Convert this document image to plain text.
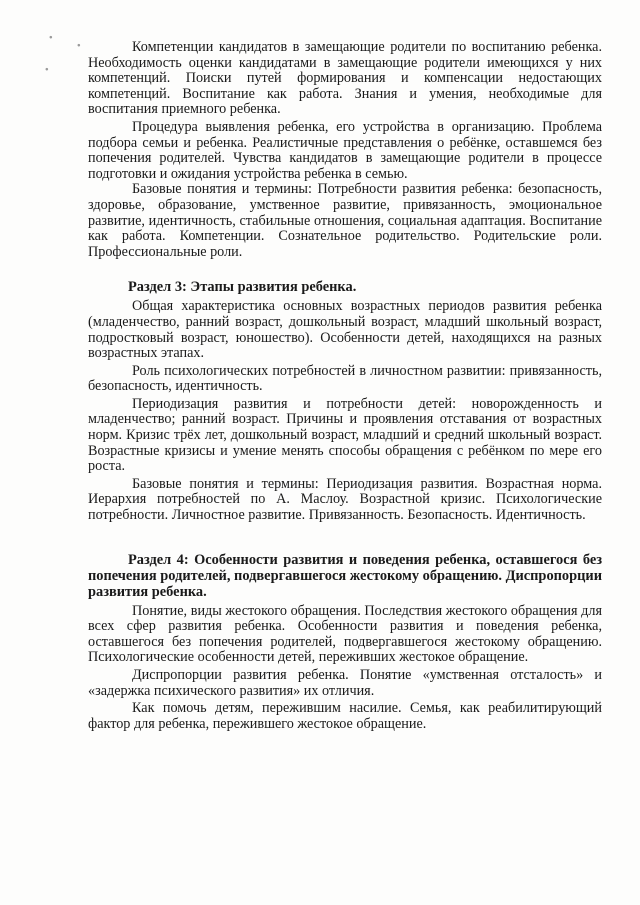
∙
∙
∙

Компетенции кандидатов в замещающие родители по воспитанию ребенка. Необходимость оценки кандидатами в замещающие родители имеющихся у них компетенций. Поиски путей формирования и компенсации недостающих компетенций. Воспитание как работа. Знания и умения, необходимые для воспитания приемного ребенка.

Процедура выявления ребенка, его устройства в организацию. Проблема подбора семьи и ребенка. Реалистичные представления о ребёнке, оставшемся без попечения родителей. Чувства кандидатов в замещающие родители в процессе подготовки и ожидания устройства ребенка в семью.

Базовые понятия и термины: Потребности развития ребенка: безопасность, здоровье, образование, умственное развитие, привязанность, эмоциональное развитие, идентичность, стабильные отношения, социальная адаптация. Воспитание как работа. Компетенции. Сознательное родительство. Родительские роли. Профессиональные роли.

Раздел 3: Этапы развития ребенка.

Общая характеристика основных возрастных периодов развития ребенка (младенчество, ранний возраст, дошкольный возраст, младший школьный возраст, подростковый возраст, юношество). Особенности детей, находящихся на разных возрастных этапах.

Роль психологических потребностей в личностном развитии: привязанность, безопасность, идентичность.

Периодизация развития и потребности детей: новорожденность и младенчество; ранний возраст. Причины и проявления отставания от возрастных норм. Кризис трёх лет, дошкольный возраст, младший и средний школьный возраст. Возрастные кризисы и умение менять способы обращения с ребёнком по мере его роста.

Базовые понятия и термины: Периодизация развития. Возрастная норма. Иерархия потребностей по А. Маслоу. Возрастной кризис. Психологические потребности. Личностное развитие. Привязанность. Безопасность. Идентичность.

Раздел 4: Особенности развития и поведения ребенка, оставшегося без попечения родителей, подвергавшегося жестокому обращению. Диспропорции развития ребенка.

Понятие, виды жестокого обращения. Последствия жестокого обращения для всех сфер развития ребенка. Особенности развития и поведения ребенка, оставшегося без попечения родителей, подвергавшегося жестокому обращению. Психологические особенности детей, переживших жестокое обращение.

Диспропорции развития ребенка. Понятие «умственная отсталость» и «задержка психического развития» их отличия.

Как помочь детям, пережившим насилие. Семья, как реабилитирующий фактор для ребенка, пережившего жестокое обращение.
